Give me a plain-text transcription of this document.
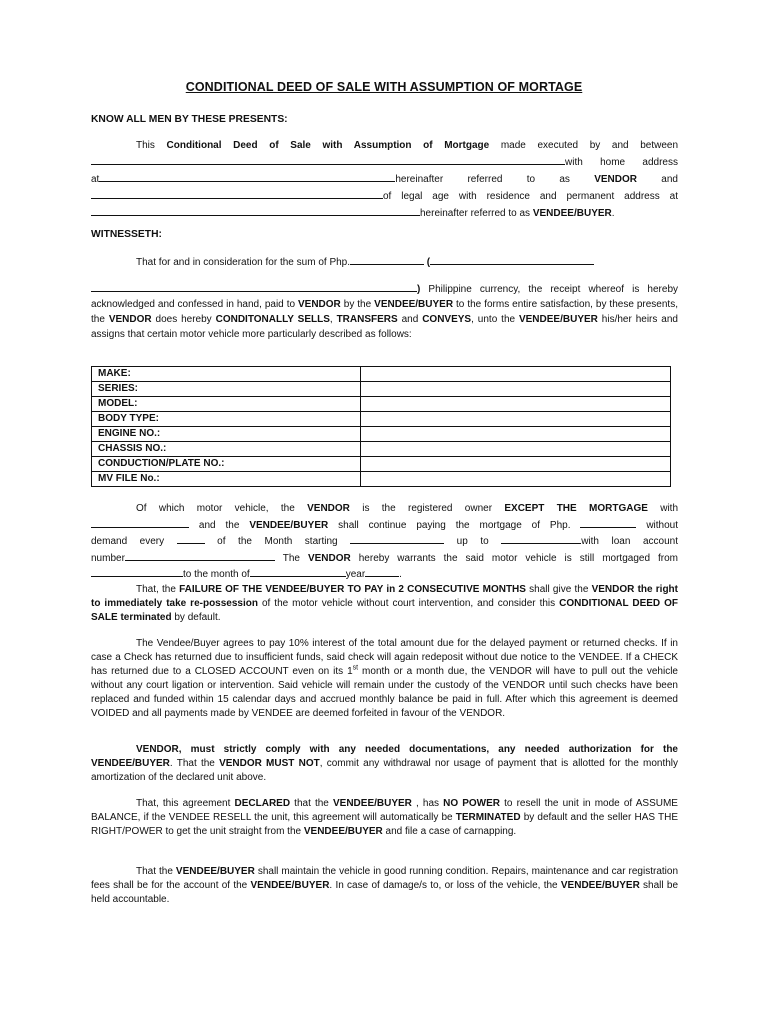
CONDITIONAL DEED OF SALE WITH ASSUMPTION OF MORTAGE
KNOW ALL MEN BY THESE PRESENTS:

This Conditional Deed of Sale with Assumption of Mortgage made executed by and between

with home address

at	hereinafter referred to as VENDOR and

of legal age with residence and permanent address at

hereinafter referred to as VENDEE/BUYER.

WITNESSETH:

That for and in consideration for the sum of Php.	(

) Philippine currency, the receipt whereof is hereby acknowledged and confessed in hand, paid to VENDOR by the VENDEE/BUYER to the forms entire satisfaction, by these presents, the VENDOR does hereby CONDITONALLY SELLS, TRANSFERS and CONVEYS, unto the VENDEE/BUYER his/her heirs and assigns that certain motor vehicle more particularly described as follows:

MAKE:	
SERIES:	
MODEL:	
BODY TYPE:	
ENGINE NO.:	
CHASSIS NO.:	
CONDUCTION/PLATE NO.:	
MV FILE No.:	

Of which motor vehicle, the VENDOR is the registered owner EXCEPT THE MORTGAGE with

and the VENDEE/BUYER shall continue paying the mortgage of Php.	without

demand every	of the Month starting	up to	with loan account

number	The VENDOR hereby warrants the said motor vehicle is still mortgaged from

to the month of	year	.

That, the FAILURE OF THE VENDEE/BUYER TO PAY in 2 CONSECUTIVE MONTHS shall give the VENDOR the right to immediately take re-possession of the motor vehicle without court intervention, and consider this CONDITIONAL DEED OF SALE terminated by default.

The Vendee/Buyer agrees to pay 10% interest of the total amount due for the delayed payment or returned checks. If in case a Check has returned due to insufficient funds, said check will again redeposit without due notice to the VENDEE. If a CHECK has returned due to a CLOSED ACCOUNT even on its 1st month or a month due, the VENDOR will have to pull out the vehicle without any court ligation or intervention. Said vehicle will remain under the custody of the VENDOR until such checks have been replaced and funded within 15 calendar days and accrued monthly balance be paid in full. After which this agreement is deemed VOIDED and all payments made by VENDEE are deemed forfeited in favour of the VENDOR.

VENDOR, must strictly comply with any needed documentations, any needed authorization for the VENDEE/BUYER. That the VENDOR MUST NOT, commit any withdrawal nor usage of payment that is allotted for the monthly amortization of the declared unit above.

That, this agreement DECLARED that the VENDEE/BUYER , has NO POWER to resell the unit in mode of ASSUME BALANCE, if the VENDEE RESELL the unit, this agreement will automatically be TERMINATED by default and the seller HAS THE RIGHT/POWER to get the unit straight from the VENDEE/BUYER and file a case of carnapping.

That the VENDEE/BUYER shall maintain the vehicle in good running condition. Repairs, maintenance and car registration fees shall be for the account of the VENDEE/BUYER. In case of damage/s to, or loss of the vehicle, the VENDEE/BUYER shall be held accountable.
